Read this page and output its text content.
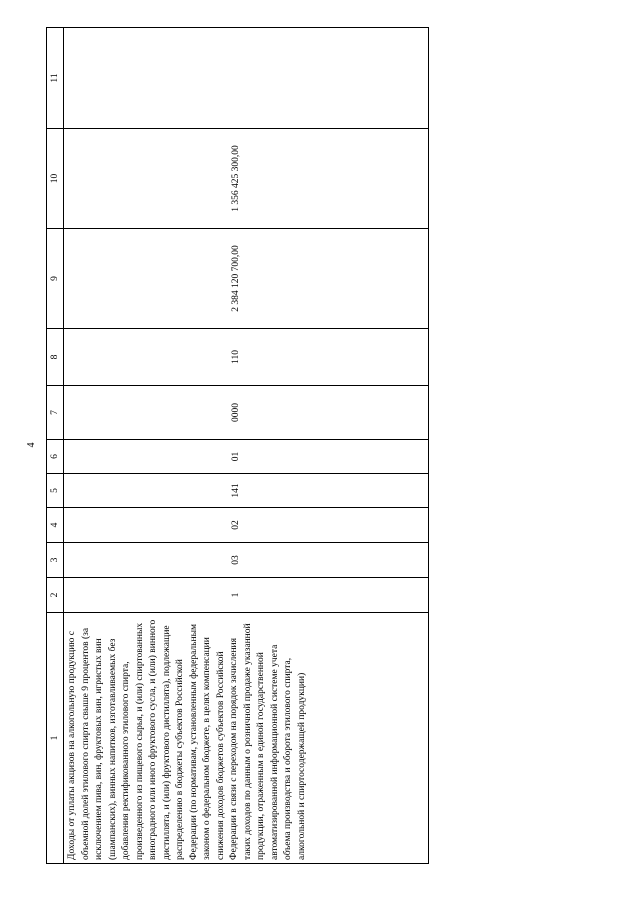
4
1	2	3	4	5	6	7	8	9	10	11
Доходы от уплаты акцизов на алкогольную продукцию с объемной долей этилового спирта свыше 9 процентов (за исключением пива, вин, фруктовых вин, игристых вин (шампанских), винных напитков, изготавливаемых без добавления ректификованного этилового спирта, произведенного из пищевого сырья, и (или) спиртованных виноградного или иного фруктового сусла, и (или) винного дистиллята, и (или) фруктового дистиллята), подлежащие распределению в бюджеты субъектов Российской Федерации (по нормативам, установленным федеральным законом о федеральном бюджете, в целях компенсации снижения доходов бюджетов субъектов Российской Федерации в связи с переходом на порядок зачисления таких доходов по данным о розничной продаже указанной продукции, отраженным в единой государственной автоматизированной информационной системе учета объема производства и оборота этилового спирта, алкогольной и спиртосодержащей продукции)	1	03	02	141	01	0000	110	2 384 120 700,00	1 356 425 300,00	
